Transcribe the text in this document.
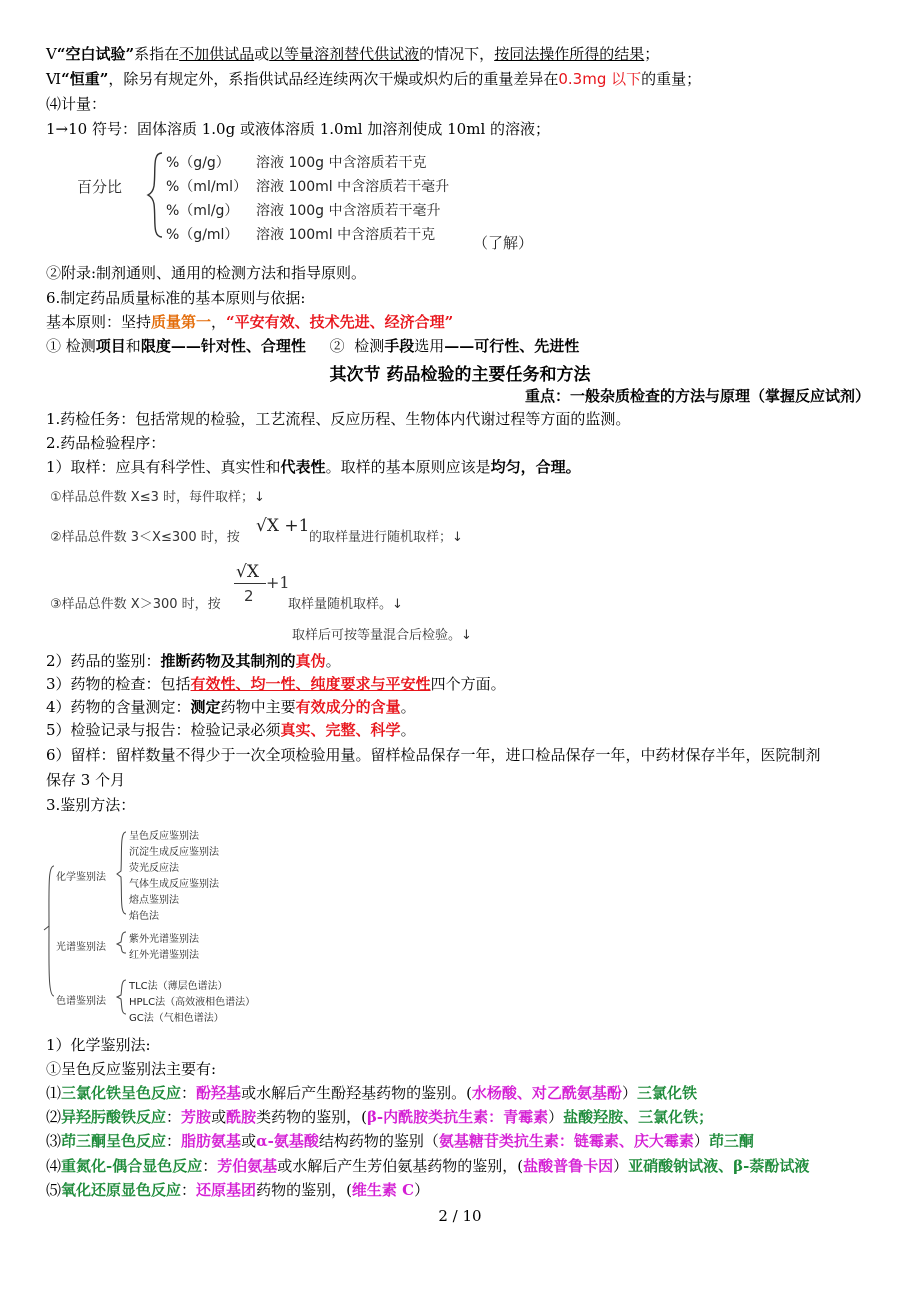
Ⅴ“空白试验”系指在不加供试品或以等量溶剂替代供试液的情况下，按同法操作所得的结果；
Ⅵ“恒重”，除另有规定外，系指供试品经连续两次干燥或炽灼后的重量差异在0.3mg 以下的重量；
⑷计量：
1→10 符号：固体溶质 1.0g 或液体溶质 1.0ml 加溶剂使成 10ml 的溶液；
百分比
%（g/g） 溶液 100g 中含溶质若干克
%（ml/ml） 溶液 100ml 中含溶质若干毫升
%（ml/g） 溶液 100g 中含溶质若干毫升
%（g/ml） 溶液 100ml 中含溶质若干克	（了解）
②附录:制剂通则、通用的检测方法和指导原则。
6.制定药品质量标准的基本原则与依据:
基本原则：坚持质量第一，“平安有效、技术先进、经济合理”
① 检测项目和限度——针对性、合理性     ②  检测手段选用——可行性、先进性
其次节 药品检验的主要任务和方法
重点：一般杂质检查的方法与原理（掌握反应试剂）
1.药检任务：包括常规的检验，工艺流程、反应历程、生物体内代谢过程等方面的监测。
2.药品检验程序：
1）取样：应具有科学性、真实性和代表性。取样的基本原则应该是均匀，合理。
①样品总件数 X≤3 时，每件取样；↓
②样品总件数 3＜X≤300 时，按
√X +1
的取样量进行随机取样；↓
③样品总件数 X＞300 时，按
√X
2
+1
取样量随机取样。↓
取样后可按等量混合后检验。↓
2）药品的鉴别：推断药物及其制剂的真伪。
3）药物的检查：包括有效性、均一性、纯度要求与平安性四个方面。
4）药物的含量测定：测定药物中主要有效成分的含量。
5）检验记录与报告：检验记录必须真实、完整、科学。
6）留样：留样数量不得少于一次全项检验用量。留样检品保存一年，进口检品保存一年，中药材保存半年，医院制剂
保存 3 个月
3.鉴别方法：
化学鉴别法
呈色反应鉴别法
沉淀生成反应鉴别法
荧光反应法
气体生成反应鉴别法
熔点鉴别法
焰色法
光谱鉴别法
紫外光谱鉴别法
红外光谱鉴别法
色谱鉴别法
TLC法（薄层色谱法）
HPLC法（高效液相色谱法）
GC法（气相色谱法）
1）化学鉴别法:
①呈色反应鉴别法主要有:
⑴三氯化铁呈色反应：酚羟基或水解后产生酚羟基药物的鉴别。(水杨酸、对乙酰氨基酚）三氯化铁
⑵异羟肟酸铁反应：芳胺或酰胺类药物的鉴别，(β-内酰胺类抗生素：青霉素）盐酸羟胺、三氯化铁；
⑶茚三酮呈色反应：脂肪氨基或α-氨基酸结构药物的鉴别（氨基糖苷类抗生素：链霉素、庆大霉素）茚三酮
⑷重氮化-偶合显色反应：芳伯氨基或水解后产生芳伯氨基药物的鉴别，(盐酸普鲁卡因）亚硝酸钠试液、β-萘酚试液
⑸氧化还原显色反应：还原基团药物的鉴别，(维生素 C）
2 / 10
